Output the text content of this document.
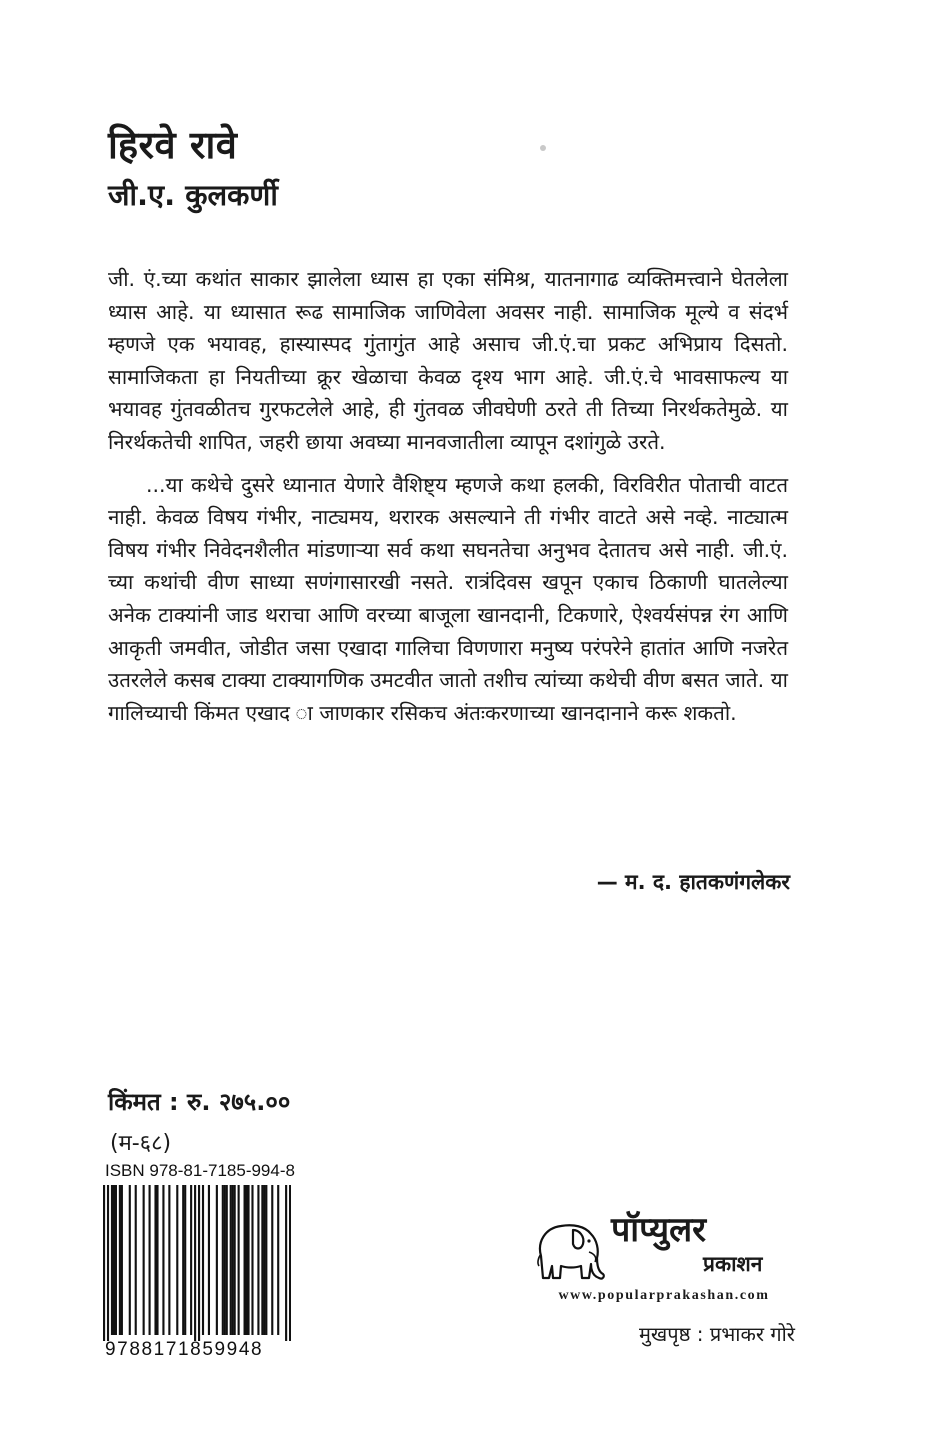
हिरवे रावे
जी.ए. कुलकर्णी

जी. एं.च्या कथांत साकार झालेला ध्यास हा एका संमिश्र, यातनागाढ व्यक्तिमत्त्वाने घेतलेला ध्यास आहे. या ध्यासात रूढ सामाजिक जाणिवेला अवसर नाही. सामाजिक मूल्ये व संदर्भ म्हणजे एक भयावह, हास्यास्पद गुंतागुंत आहे असाच जी.एं.चा प्रकट अभिप्राय दिसतो. सामाजिकता हा नियतीच्या क्रूर खेळाचा केवळ दृश्य भाग आहे. जी.एं.चे भावसाफल्य या भयावह गुंतवळीतच गुरफटलेले आहे, ही गुंतवळ जीवघेणी ठरते ती तिच्या निरर्थकतेमुळे. या निरर्थकतेची शापित, जहरी छाया अवघ्या मानवजातीला व्यापून दशांगुळे उरते.

...या कथेचे दुसरे ध्यानात येणारे वैशिष्ट्य म्हणजे कथा हलकी, विरविरीत पोताची वाटत नाही. केवळ विषय गंभीर, नाट्यमय, थरारक असल्याने ती गंभीर वाटते असे नव्हे. नाट्यात्म विषय गंभीर निवेदनशैलीत मांडणाऱ्या सर्व कथा सघनतेचा अनुभव देतातच असे नाही. जी.एं. च्या कथांची वीण साध्या सणंगासारखी नसते. रात्रंदिवस खपून एकाच ठिकाणी घातलेल्या अनेक टाक्यांनी जाड थराचा आणि वरच्या बाजूला खानदानी, टिकणारे, ऐश्वर्यसंपन्न रंग आणि आकृती जमवीत, जोडीत जसा एखादा गालिचा विणणारा मनुष्य परंपरेने हातांत आणि नजरेत उतरलेले कसब टाक्या टाक्यागणिक उमटवीत जातो तशीच त्यांच्या कथेची वीण बसत जाते. या गालिच्याची किंमत एखाद ा जाणकार रसिकच अंतःकरणाच्या खानदानाने करू शकतो.

— म. द. हातकणंगलेकर
किंमत : रु. २७५.००
(म-६८)
ISBN 978-81-7185-994-8
9788171859948
पॉप्युलर
प्रकाशन
www.popularprakashan.com
मुखपृष्ठ : प्रभाकर गोरे
